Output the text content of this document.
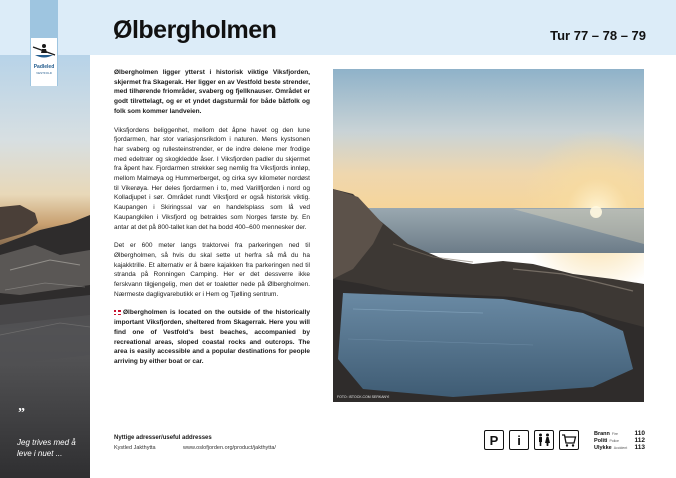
”
Jeg trives med å leve i nuet ...
Padleled
VESTFOLD
Ølbergholmen	Tur 77 – 78 – 79

Ølbergholmen ligger ytterst i historisk viktige Viksfjorden, skjermet fra Skagerak. Her ligger en av Vestfold beste strender, med tilhørende friområder, svaberg og fjellknauser. Området er godt tilrettelagt, og er et yndet dagsturmål for både båtfolk og folk som kommer landveien.

Viksfjordens beliggenhet, mellom det åpne havet og den lune fjordarmen, har stor variasjonsrikdom i naturen. Mens kystsonen har svaberg og rullesteinstrender, er de indre delene mer frodige med edeltrær og skogkledde åser. I Viksfjorden padler du skjermet fra åpent hav. Fjordarmen strekker seg nemlig fra Viksfjords innløp, mellom Malmøya og Hummerberget, og cirka syv kilometer nordøst til Vikerøya. Her deles fjordarmen i to, med Varillfjorden i nord og Kolladjupet i sør. Området rundt Viksfjord er også historisk viktig. Kaupangen i Skiringssal var en handelsplass som lå ved Kaupangkilen i Viksfjord og betraktes som Norges første by. En antar at det på 800-tallet kan det ha bodd 400–600 mennesker der.

Det er 600 meter langs traktorvei fra parkeringen ned til Ølbergholmen, så hvis du skal sette ut herfra så må du ha kajakktrille. Et alternativ er å bære kajakken fra parkeringen ned til stranda på Ronningen Camping. Her er det dessverre ikke ferskvann tilgjengelig, men det er toaletter nede på Ølbergholmen. Nærmeste dagligvarebutikk er i Hem og Tjølling sentrum.

Ølbergholmen is located on the outside of the historically important Viksfjorden, sheltered from Skagerrak. Here you will find one of Vestfold's best beaches, accompanied by recreational areas, sloped coastal rocks and outcrops. The area is easily accessible and a popular destinations for people arriving by either boat or car.

FOTO: ISTOCK.COM SERKANYI
Nyttige adresser/useful addresses
Kystled Jakthytta	www.oslofjorden.org/product/jakthytta/
P	i	Brann Fire	110
Politi Police	112
Ulykke Accident	113
